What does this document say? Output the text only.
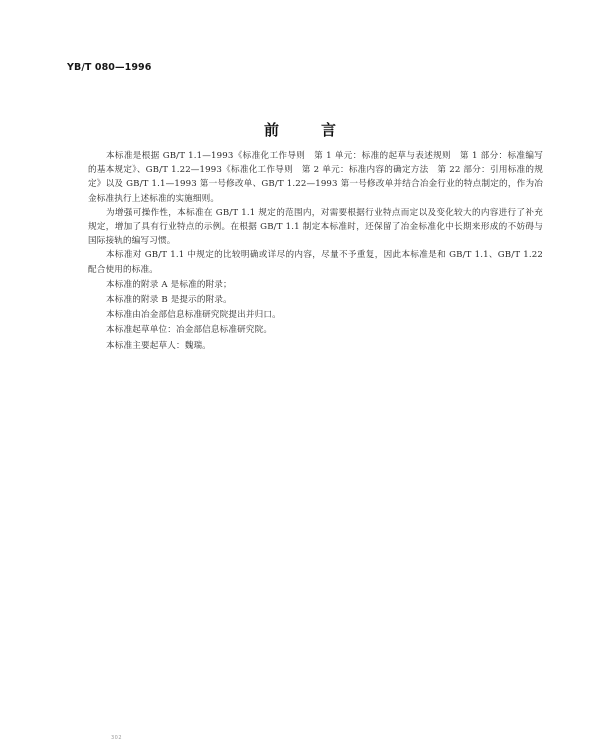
YB/T 080—1996
前	言

本标准是根据 GB/T 1.1—1993《标准化工作导则　第 1 单元：标准的起草与表述规则　第 1 部分：标准编写的基本规定》、GB/T 1.22—1993《标准化工作导则　第 2 单元：标准内容的确定方法　第 22 部分：引用标准的规定》以及 GB/T 1.1—1993 第一号修改单、GB/T 1.22—1993 第一号修改单并结合冶金行业的特点制定的，作为冶金标准执行上述标准的实施细则。

为增强可操作性，本标准在 GB/T 1.1 规定的范围内，对需要根据行业特点而定以及变化较大的内容进行了补充规定，增加了具有行业特点的示例。在根据 GB/T 1.1 制定本标准时，还保留了冶金标准化中长期来形成的不妨碍与国际接轨的编写习惯。

本标准对 GB/T 1.1 中规定的比较明确或详尽的内容，尽量不予重复，因此本标准是和 GB/T 1.1、GB/T 1.22 配合使用的标准。

本标准的附录 A 是标准的附录；

本标准的附录 B 是提示的附录。

本标准由冶金部信息标准研究院提出并归口。

本标准起草单位：冶金部信息标准研究院。

本标准主要起草人：魏瑞。

302
